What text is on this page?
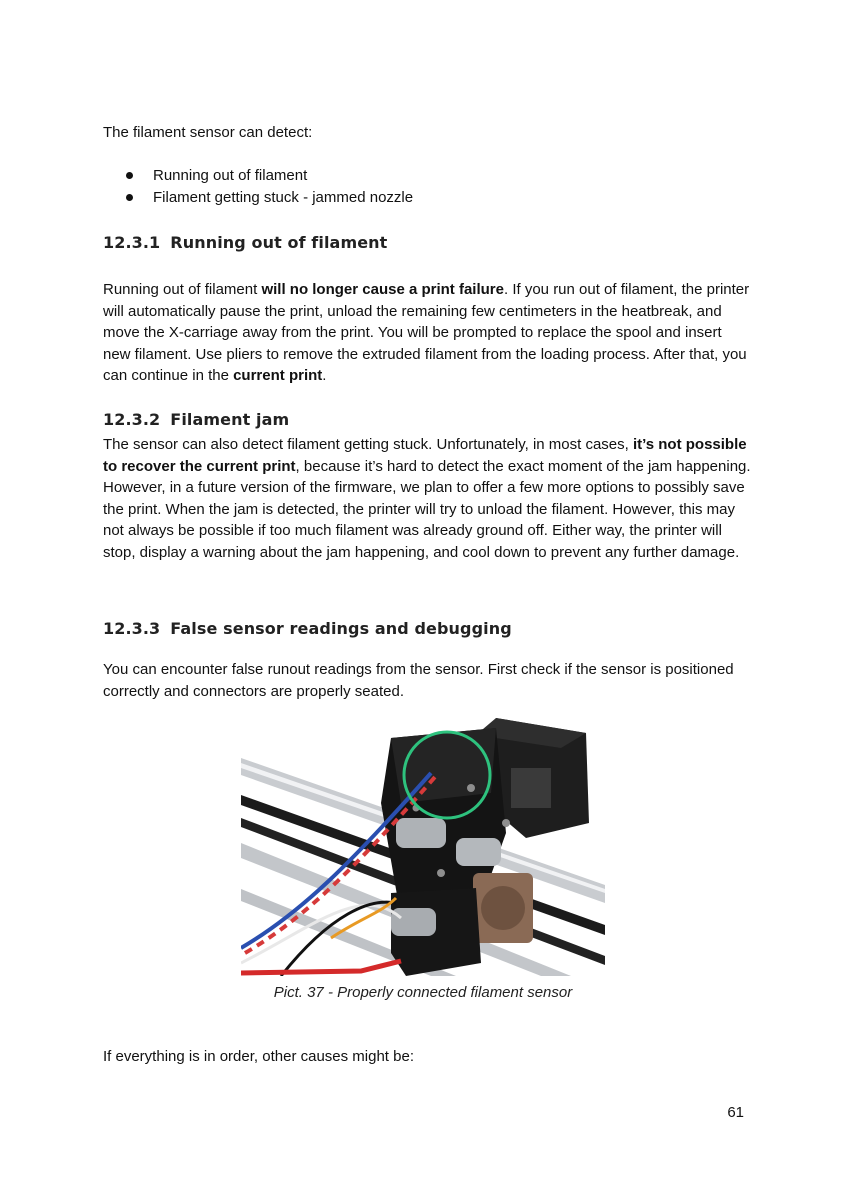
The filament sensor can detect:
Running out of filament
Filament getting stuck - jammed nozzle
12.3.1 Running out of filament
Running out of filament will no longer cause a print failure. If you run out of filament, the printer will automatically pause the print, unload the remaining few centimeters in the heatbreak, and move the X-carriage away from the print. You will be prompted to replace the spool and insert new filament. Use pliers to remove the extruded filament from the loading process. After that, you can continue in the current print.
12.3.2 Filament jam
The sensor can also detect filament getting stuck. Unfortunately, in most cases, it’s not possible to recover the current print, because it’s hard to detect the exact moment of the jam happening. However, in a future version of the firmware, we plan to offer a few more options to possibly save the print. When the jam is detected, the printer will try to unload the filament. However, this may not always be possible if too much filament was already ground off. Either way, the printer will stop, display a warning about the jam happening, and cool down to prevent any further damage.
12.3.3 False sensor readings and debugging
You can encounter false runout readings from the sensor. First check if the sensor is positioned correctly and connectors are properly seated.
Pict. 37 - Properly connected filament sensor
If everything is in order, other causes might be:
61
